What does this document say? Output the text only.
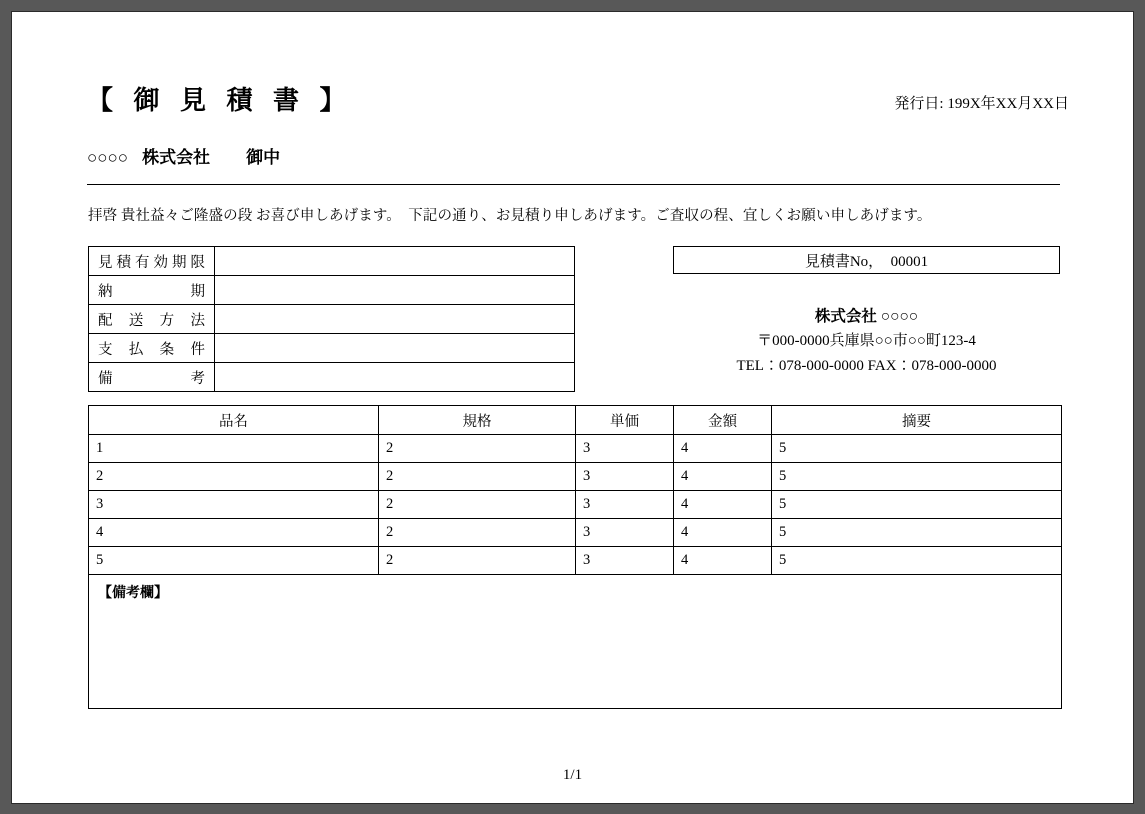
【 御 見 積 書 】	発行日: 199X年XX月XX日
○○○○ 株式会社 御中
拝啓 貴社益々ご隆盛の段 お喜び申しあげます。　下記の通り、お見積り申しあげます。ご査収の程、宜しくお願い申しあげます。
見積有効期限	
納期	
配送方法	
支払条件	
備考	
見積書No，　00001
株式会社 ○○○○
〒000-0000兵庫県○○市○○町123-4
TEL：078-000-0000 FAX：078-000-0000
品名	規格	単価	金額	摘要
1	2	3	4	5
2	2	3	4	5
3	2	3	4	5
4	2	3	4	5
5	2	3	4	5
【備考欄】				
1/1
